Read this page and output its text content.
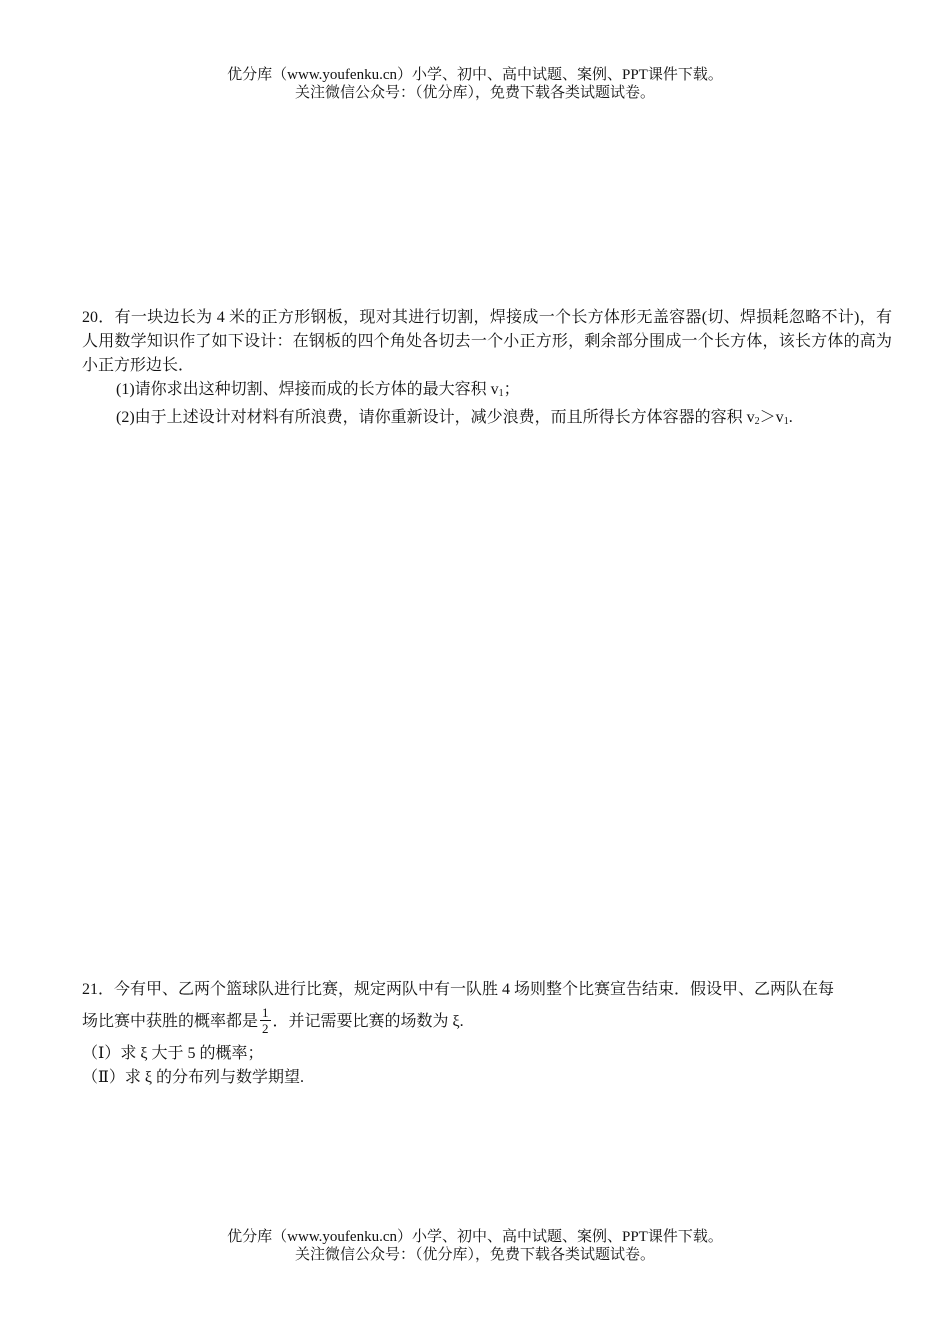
优分库（www.youfenku.cn）小学、初中、高中试题、案例、PPT课件下载。
关注微信公众号：（优分库），免费下载各类试题试卷。

20．有一块边长为 4 米的正方形钢板，现对其进行切割，焊接成一个长方体形无盖容器(切、焊损耗忽略不计)，有人用数学知识作了如下设计：在钢板的四个角处各切去一个小正方形，剩余部分围成一个长方体，该长方体的高为小正方形边长．

(1)请你求出这种切割、焊接而成的长方体的最大容积 $v_1$；

(2)由于上述设计对材料有所浪费，请你重新设计，减少浪费，而且所得长方体容器的容积 $v_2>v_1$.

21．今有甲、乙两个篮球队进行比赛，规定两队中有一队胜 4 场则整个比赛宣告结束．假设甲、乙两队在每

场比赛中获胜的概率都是 $\frac{1}{2}$ ．并记需要比赛的场数为 ξ.

（Ⅰ）求 ξ 大于 5 的概率；

（Ⅱ）求 ξ 的分布列与数学期望.

优分库（www.youfenku.cn）小学、初中、高中试题、案例、PPT课件下载。
关注微信公众号：（优分库），免费下载各类试题试卷。
